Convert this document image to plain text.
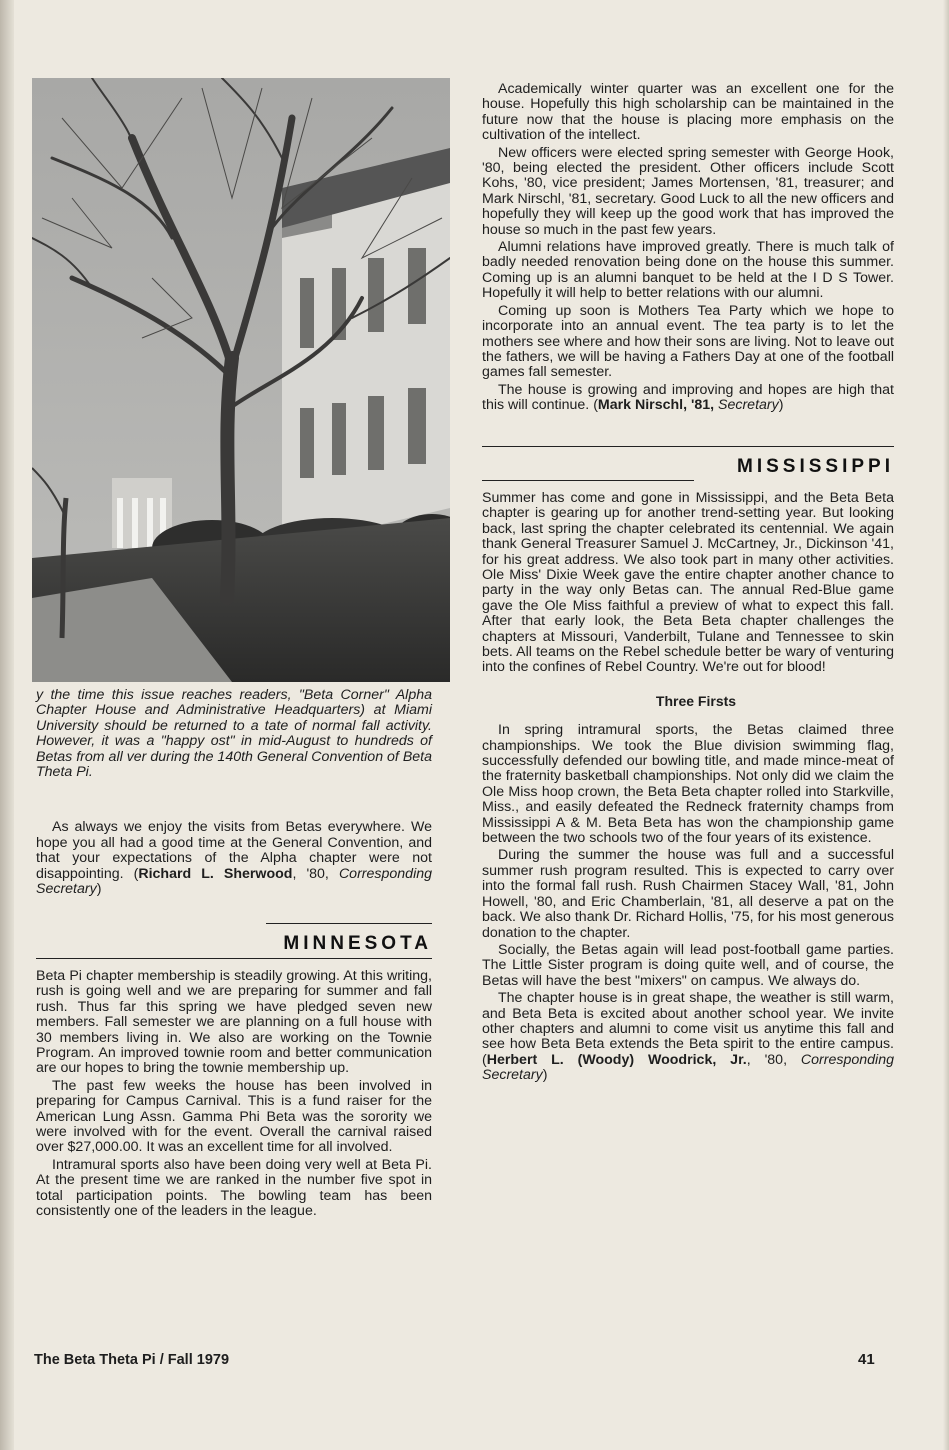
y the time this issue reaches readers, "Beta Corner" Alpha Chapter House and Administrative Headquarters) at Miami University should be returned to a tate of normal fall activity. However, it was a "happy ost" in mid-August to hundreds of Betas from all ver during the 140th General Convention of Beta Theta Pi.

As always we enjoy the visits from Betas everywhere. We hope you all had a good time at the General Convention, and that your expectations of the Alpha chapter were not disappointing. (Richard L. Sherwood, '80, Corresponding Secretary)

MINNESOTA

Beta Pi chapter membership is steadily growing. At this writing, rush is going well and we are preparing for summer and fall rush. Thus far this spring we have pledged seven new members. Fall semester we are planning on a full house with 30 members living in. We also are working on the Townie Program. An improved townie room and better communication are our hopes to bring the townie membership up.

The past few weeks the house has been involved in preparing for Campus Carnival. This is a fund raiser for the American Lung Assn. Gamma Phi Beta was the sorority we were involved with for the event. Overall the carnival raised over $27,000.00. It was an excellent time for all involved.

Intramural sports also have been doing very well at Beta Pi. At the present time we are ranked in the number five spot in total participation points. The bowling team has been consistently one of the leaders in the league.

Academically winter quarter was an excellent one for the house. Hopefully this high scholarship can be maintained in the future now that the house is placing more emphasis on the cultivation of the intellect.

New officers were elected spring semester with George Hook, '80, being elected the president. Other officers include Scott Kohs, '80, vice president; James Mortensen, '81, treasurer; and Mark Nirschl, '81, secretary. Good Luck to all the new officers and hopefully they will keep up the good work that has improved the house so much in the past few years.

Alumni relations have improved greatly. There is much talk of badly needed renovation being done on the house this summer. Coming up is an alumni banquet to be held at the I D S Tower. Hopefully it will help to better relations with our alumni.

Coming up soon is Mothers Tea Party which we hope to incorporate into an annual event. The tea party is to let the mothers see where and how their sons are living. Not to leave out the fathers, we will be having a Fathers Day at one of the football games fall semester.

The house is growing and improving and hopes are high that this will continue. (Mark Nirschl, '81, Secretary)

MISSISSIPPI

Summer has come and gone in Mississippi, and the Beta Beta chapter is gearing up for another trend-setting year. But looking back, last spring the chapter celebrated its centennial. We again thank General Treasurer Samuel J. McCartney, Jr., Dickinson '41, for his great address. We also took part in many other activities. Ole Miss' Dixie Week gave the entire chapter another chance to party in the way only Betas can. The annual Red-Blue game gave the Ole Miss faithful a preview of what to expect this fall. After that early look, the Beta Beta chapter challenges the chapters at Missouri, Vanderbilt, Tulane and Tennessee to skin bets. All teams on the Rebel schedule better be wary of venturing into the confines of Rebel Country. We're out for blood!

Three Firsts

In spring intramural sports, the Betas claimed three championships. We took the Blue division swimming flag, successfully defended our bowling title, and made mince-meat of the fraternity basketball championships. Not only did we claim the Ole Miss hoop crown, the Beta Beta chapter rolled into Starkville, Miss., and easily defeated the Redneck fraternity champs from Mississippi A & M. Beta Beta has won the championship game between the two schools two of the four years of its existence.

During the summer the house was full and a successful summer rush program resulted. This is expected to carry over into the formal fall rush. Rush Chairmen Stacey Wall, '81, John Howell, '80, and Eric Chamberlain, '81, all deserve a pat on the back. We also thank Dr. Richard Hollis, '75, for his most generous donation to the chapter.

Socially, the Betas again will lead post-football game parties. The Little Sister program is doing quite well, and of course, the Betas will have the best "mixers" on campus. We always do.

The chapter house is in great shape, the weather is still warm, and Beta Beta is excited about another school year. We invite other chapters and alumni to come visit us anytime this fall and see how Beta Beta extends the Beta spirit to the entire campus. (Herbert L. (Woody) Woodrick, Jr., '80, Corresponding Secretary)

The Beta Theta Pi / Fall 1979	41
